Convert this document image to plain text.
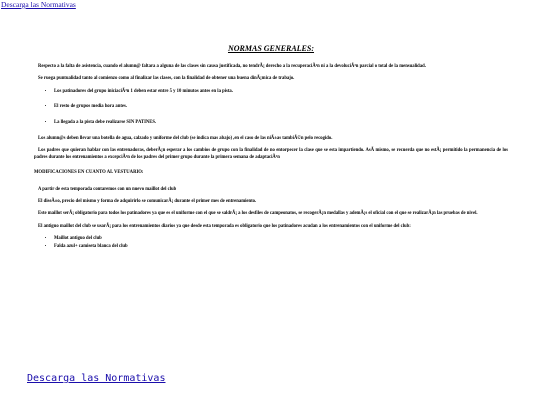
Descarga las Normativas
NORMAS GENERALES:
Respecto a la falta de asistencia, cuando el alumn@ faltara a alguna de las clases sin causa justificada, no tendrÃ¡ derecho a la recuperaciÃ³n ni a la devoluciÃ³n parcial o total de la mensualidad.
Se ruega puntualidad tanto al comienzo como al finalizar las clases, con la finalidad de obtener una buena dinÃ¡mica de trabajo.
• Los patinadores del grupo iniciaciÃ³n 1 deben estar entre 5 y 10 minutos antes en la pista.
• El resto de grupos media hora antes.
• La llegada a la pista debe realizarse SIN PATINES.
Los alumn@s deben llevar una botella de agua, calzado y uniforme del club (se indica mas abajo) ,en el caso de las niÃ±as tambiÃ©n pelo recogido.
Los padres que quieran hablar con las entrenadoras, deberÃ¡n esperar a los cambios de grupo con la finalidad de no entorpecer la clase que se esta impartiendo. AsÃ mismo, se recuerda que no estÃ¡ permitido la permanencia de los padres durante los entrenamientos a excepciÃ³n de los padres del primer grupo durante la primera semana de adaptaciÃ³n
MODIFICACIONES EN CUANTO AL VESTUARIO:
A partir de esta temporada contaremos con un nuevo maillot del club
El diseÃ±o, precio del mismo y forma de adquirirlo se comunicarÃ¡ durante el primer mes de entrenamiento.
Este maillot serÃ¡ obligatorio para todos los patinadores ya que es el uniforme con el que se saldrÃ¡ a los desfiles de campeonatos, se recogerÃ¡n medallas y ademÃ¡s el oficial con el que se realizarÃ¡n las pruebas de nivel.
El antiguo maillot del club se usarÃ¡ para los entrenamientos diarios ya que desde esta temporada es obligatorio que los patinadores acudan a los entrenamientos con el uniforme del club:
• Maillot antiguo del club
• Falda azul+ camiseta blanca del club
Descarga las Normativas
